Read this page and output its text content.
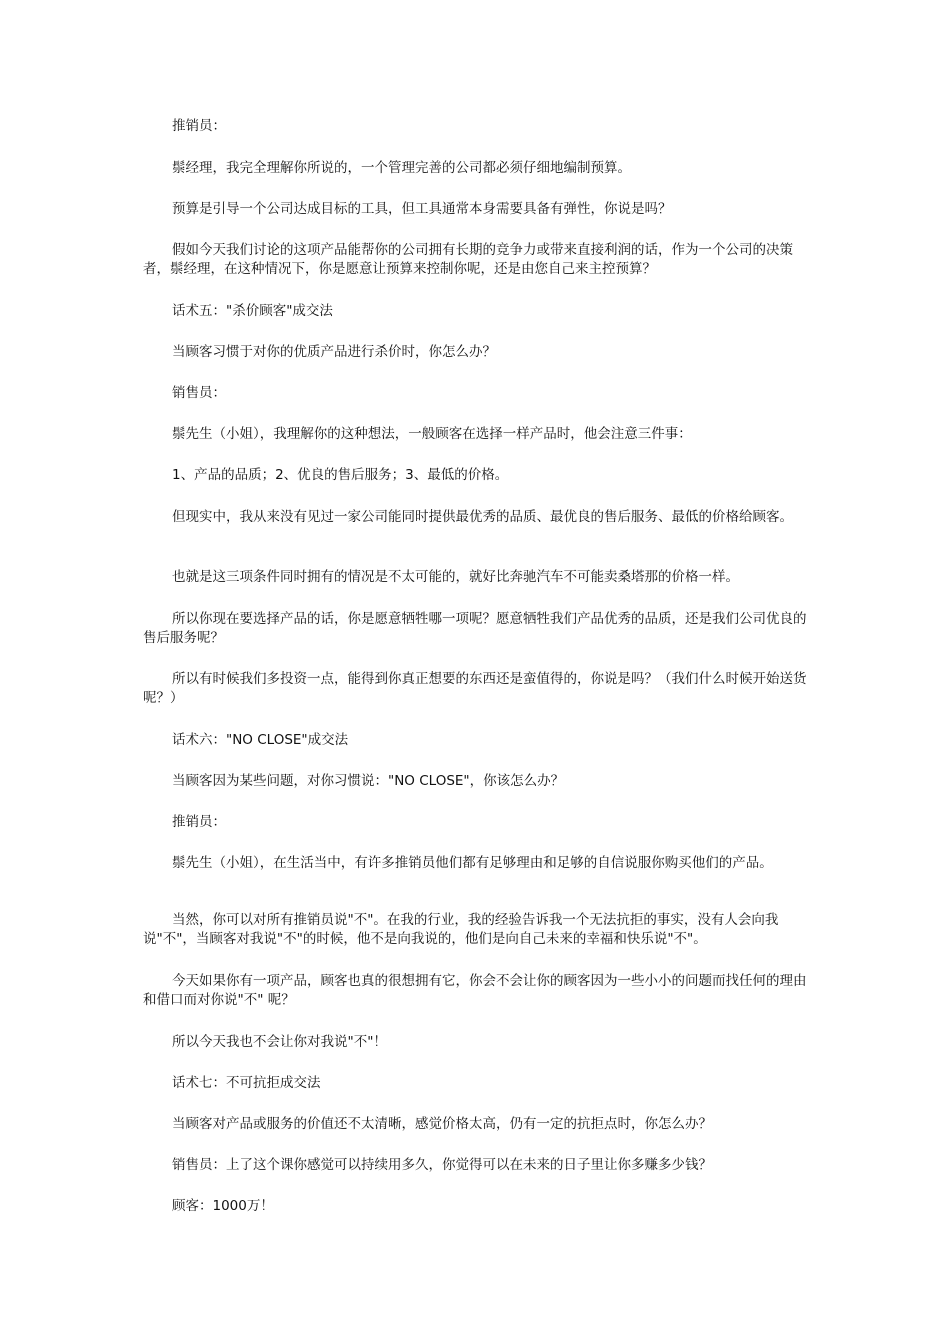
推销员：

鬃经理，我完全理解你所说的，一个管理完善的公司都必须仔细地编制预算。

预算是引导一个公司达成目标的工具，但工具通常本身需要具备有弹性，你说是吗？

假如今天我们讨论的这项产品能帮你的公司拥有长期的竞争力或带来直接利润的话，作为一个公司的决策者，鬃经理，在这种情况下，你是愿意让预算来控制你呢，还是由您自己来主控预算？

话术五："杀价顾客"成交法

当顾客习惯于对你的优质产品进行杀价时，你怎么办？

销售员：

鬃先生（小姐），我理解你的这种想法，一般顾客在选择一样产品时，他会注意三件事：

1、产品的品质；2、优良的售后服务；3、最低的价格。

但现实中，我从来没有见过一家公司能同时提供最优秀的品质、最优良的售后服务、最低的价格给顾客。

也就是这三项条件同时拥有的情况是不太可能的，就好比奔驰汽车不可能卖桑塔那的价格一样。

所以你现在要选择产品的话，你是愿意牺牲哪一项呢？愿意牺牲我们产品优秀的品质，还是我们公司优良的售后服务呢？

所以有时候我们多投资一点，能得到你真正想要的东西还是蛮值得的，你说是吗？（我们什么时候开始送货呢？）

话术六："NO CLOSE"成交法

当顾客因为某些问题，对你习惯说："NO CLOSE"，你该怎么办？

推销员：

鬃先生（小姐），在生活当中，有许多推销员他们都有足够理由和足够的自信说服你购买他们的产品。

当然，你可以对所有推销员说"不"。在我的行业，我的经验告诉我一个无法抗拒的事实，没有人会向我说"不"，当顾客对我说"不"的时候，他不是向我说的，他们是向自己未来的幸福和快乐说"不"。

今天如果你有一项产品，顾客也真的很想拥有它，你会不会让你的顾客因为一些小小的问题而找任何的理由和借口而对你说"不" 呢？

所以今天我也不会让你对我说"不"！

话术七：不可抗拒成交法

当顾客对产品或服务的价值还不太清晰，感觉价格太高，仍有一定的抗拒点时，你怎么办？

销售员：上了这个课你感觉可以持续用多久，你觉得可以在未来的日子里让你多赚多少钱？

顾客：1000万！
